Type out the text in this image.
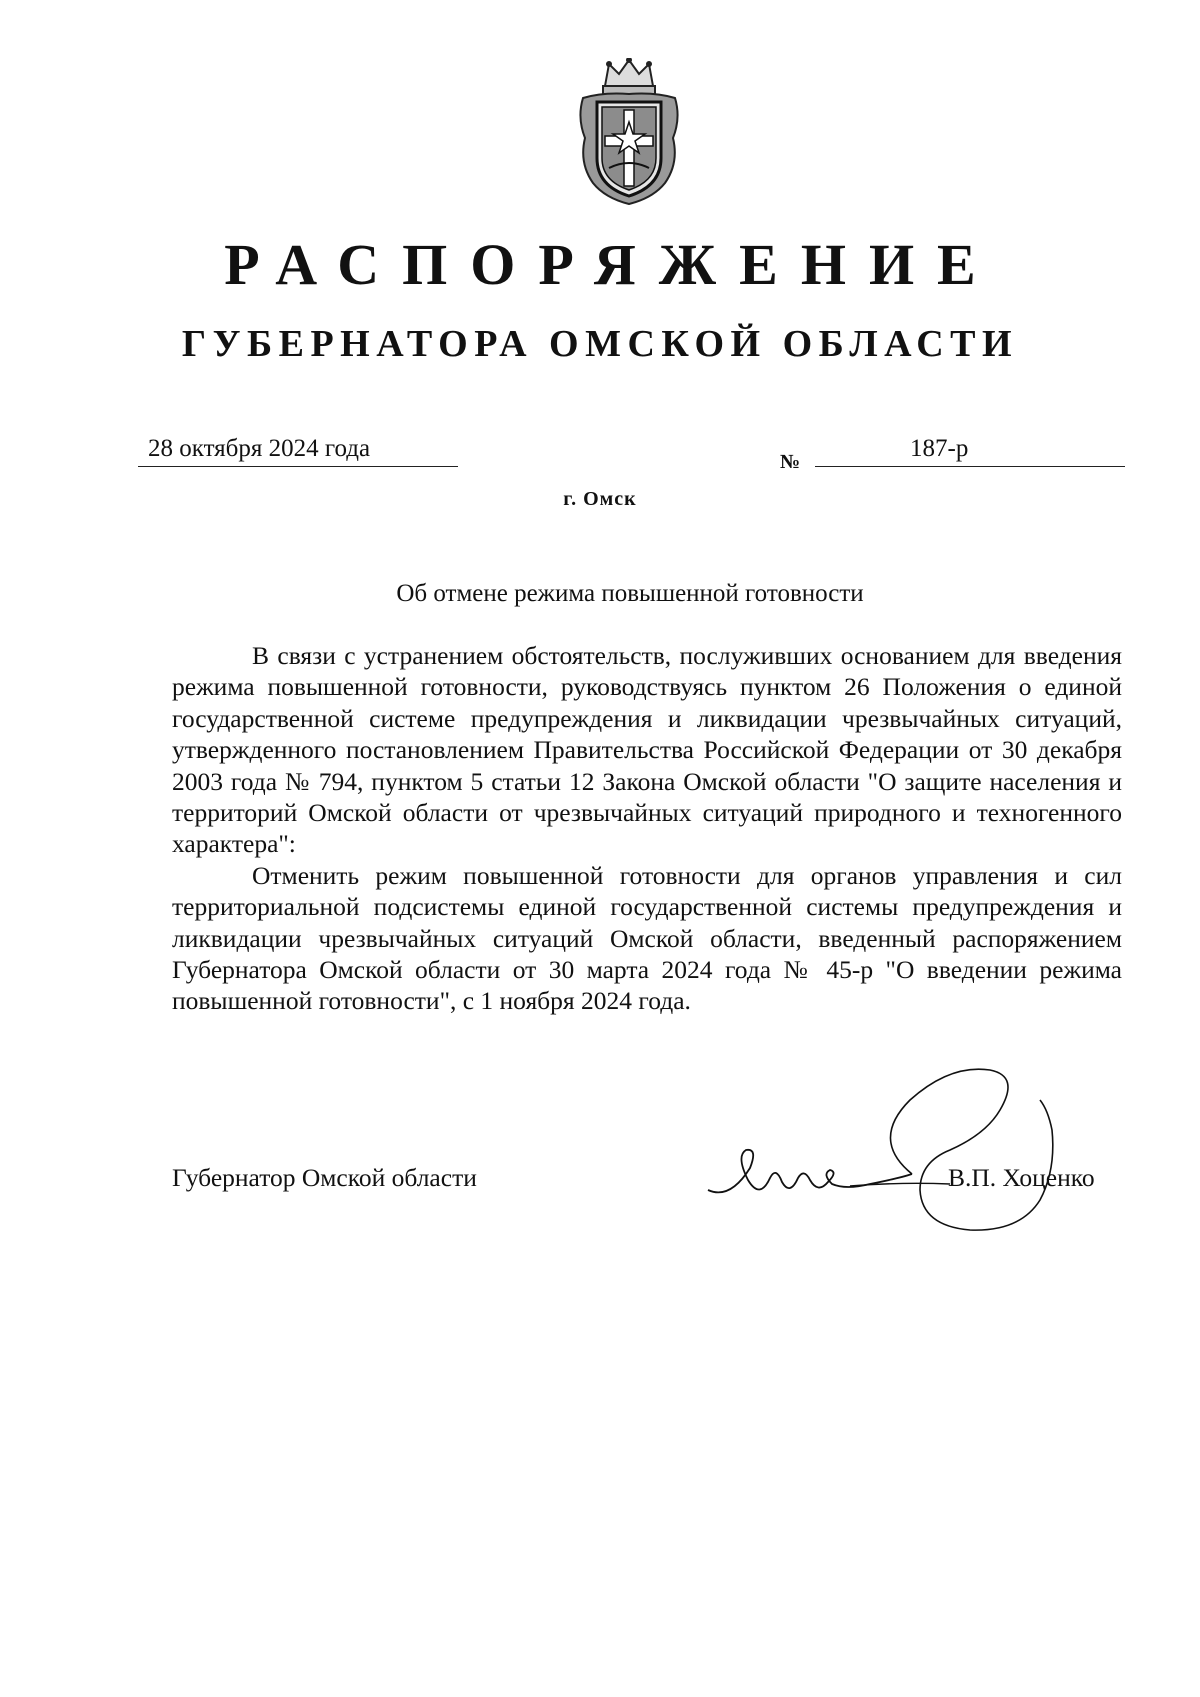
РАСПОРЯЖЕНИЕ
ГУБЕРНАТОРА ОМСКОЙ ОБЛАСТИ
28 октября 2024 года	№	187-р
г. Омск
Об отмене режима повышенной готовности

В связи с устранением обстоятельств, послуживших основанием для введения режима повышенной готовности, руководствуясь пунктом 26 Положения о единой государственной системе предупреждения и ликвидации чрезвычайных ситуаций, утвержденного постановлением Правительства Российской Федерации от 30 декабря 2003 года № 794, пунктом 5 статьи 12 Закона Омской области "О защите населения и территорий Омской области от чрезвычайных ситуаций природного и техногенного характера":

Отменить режим повышенной готовности для органов управления и сил территориальной подсистемы единой государственной системы предупреждения и ликвидации чрезвычайных ситуаций Омской области, введенный распоряжением Губернатора Омской области от 30 марта 2024 года № 45-р "О введении режима повышенной готовности", с 1 ноября 2024 года.

Губернатор Омской области	В.П. Хоценко
